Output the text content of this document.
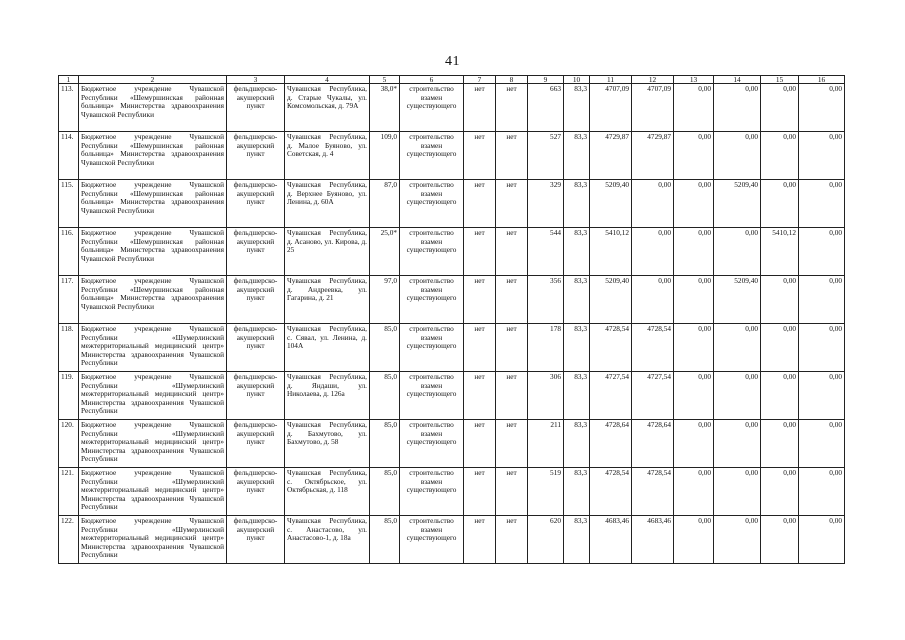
41
1	2	3	4	5	6	7	8	9	10	11	12	13	14	15	16
113.	Бюджетное учреждение Чувашской Республики «Шемуршинская районная больница» Министерства здравоохранения Чувашской Республики	фельдшерско-акушерский пункт	Чувашская Республика, д. Старые Чукалы, ул. Комсомольская, д. 79А	38,0*	строительство взамен существующего	нет	нет	663	83,3	4707,09	4707,09	0,00	0,00	0,00	0,00
114.	Бюджетное учреждение Чувашской Республики «Шемуршинская районная больница» Министерства здравоохранения Чувашской Республики	фельдшерско-акушерский пункт	Чувашская Республика, д. Малое Буяново, ул. Советская, д. 4	109,0	строительство взамен существующего	нет	нет	527	83,3	4729,87	4729,87	0,00	0,00	0,00	0,00
115.	Бюджетное учреждение Чувашской Республики «Шемуршинская районная больница» Министерства здравоохранения Чувашской Республики	фельдшерско-акушерский пункт	Чувашская Республика, д. Верхнее Буяново, ул. Ленина, д. 60А	87,0	строительство взамен существующего	нет	нет	329	83,3	5209,40	0,00	0,00	5209,40	0,00	0,00
116.	Бюджетное учреждение Чувашской Республики «Шемуршинская районная больница» Министерства здравоохранения Чувашской Республики	фельдшерско-акушерский пункт	Чувашская Республика, д. Асаново, ул. Кирова, д. 25	25,0*	строительство взамен существующего	нет	нет	544	83,3	5410,12	0,00	0,00	0,00	5410,12	0,00
117.	Бюджетное учреждение Чувашской Республики «Шемуршинская районная больница» Министерства здравоохранения Чувашской Республики	фельдшерско-акушерский пункт	Чувашская Республика, д. Андреевка, ул. Гагарина, д. 21	97,0	строительство взамен существующего	нет	нет	356	83,3	5209,40	0,00	0,00	5209,40	0,00	0,00
118.	Бюджетное учреждение Чувашской Республики «Шумерлинский межтерриториальный медицинский центр» Министерства здравоохранения Чувашской Республики	фельдшерско-акушерский пункт	Чувашская Республика, с. Сявал, ул. Ленина, д. 104А	85,0	строительство взамен существующего	нет	нет	178	83,3	4728,54	4728,54	0,00	0,00	0,00	0,00
119.	Бюджетное учреждение Чувашской Республики «Шумерлинский межтерриториальный медицинский центр» Министерства здравоохранения Чувашской Республики	фельдшерско-акушерский пункт	Чувашская Республика, д. Яндаши, ул. Николаева, д. 126а	85,0	строительство взамен существующего	нет	нет	306	83,3	4727,54	4727,54	0,00	0,00	0,00	0,00
120.	Бюджетное учреждение Чувашской Республики «Шумерлинский межтерриториальный медицинский центр» Министерства здравоохранения Чувашской Республики	фельдшерско-акушерский пункт	Чувашская Республика, д. Бахмутово, ул. Бахмутово, д. 58	85,0	строительство взамен существующего	нет	нет	211	83,3	4728,64	4728,64	0,00	0,00	0,00	0,00
121.	Бюджетное учреждение Чувашской Республики «Шумерлинский межтерриториальный медицинский центр» Министерства здравоохранения Чувашской Республики	фельдшерско-акушерский пункт	Чувашская Республика, с. Октябрьское, ул. Октябрьская, д. 118	85,0	строительство взамен существующего	нет	нет	519	83,3	4728,54	4728,54	0,00	0,00	0,00	0,00
122.	Бюджетное учреждение Чувашской Республики «Шумерлинский межтерриториальный медицинский центр» Министерства здравоохранения Чувашской Республики	фельдшерско-акушерский пункт	Чувашская Республика, с. Анастасово, ул. Анастасово-1, д. 18а	85,0	строительство взамен существующего	нет	нет	620	83,3	4683,46	4683,46	0,00	0,00	0,00	0,00
